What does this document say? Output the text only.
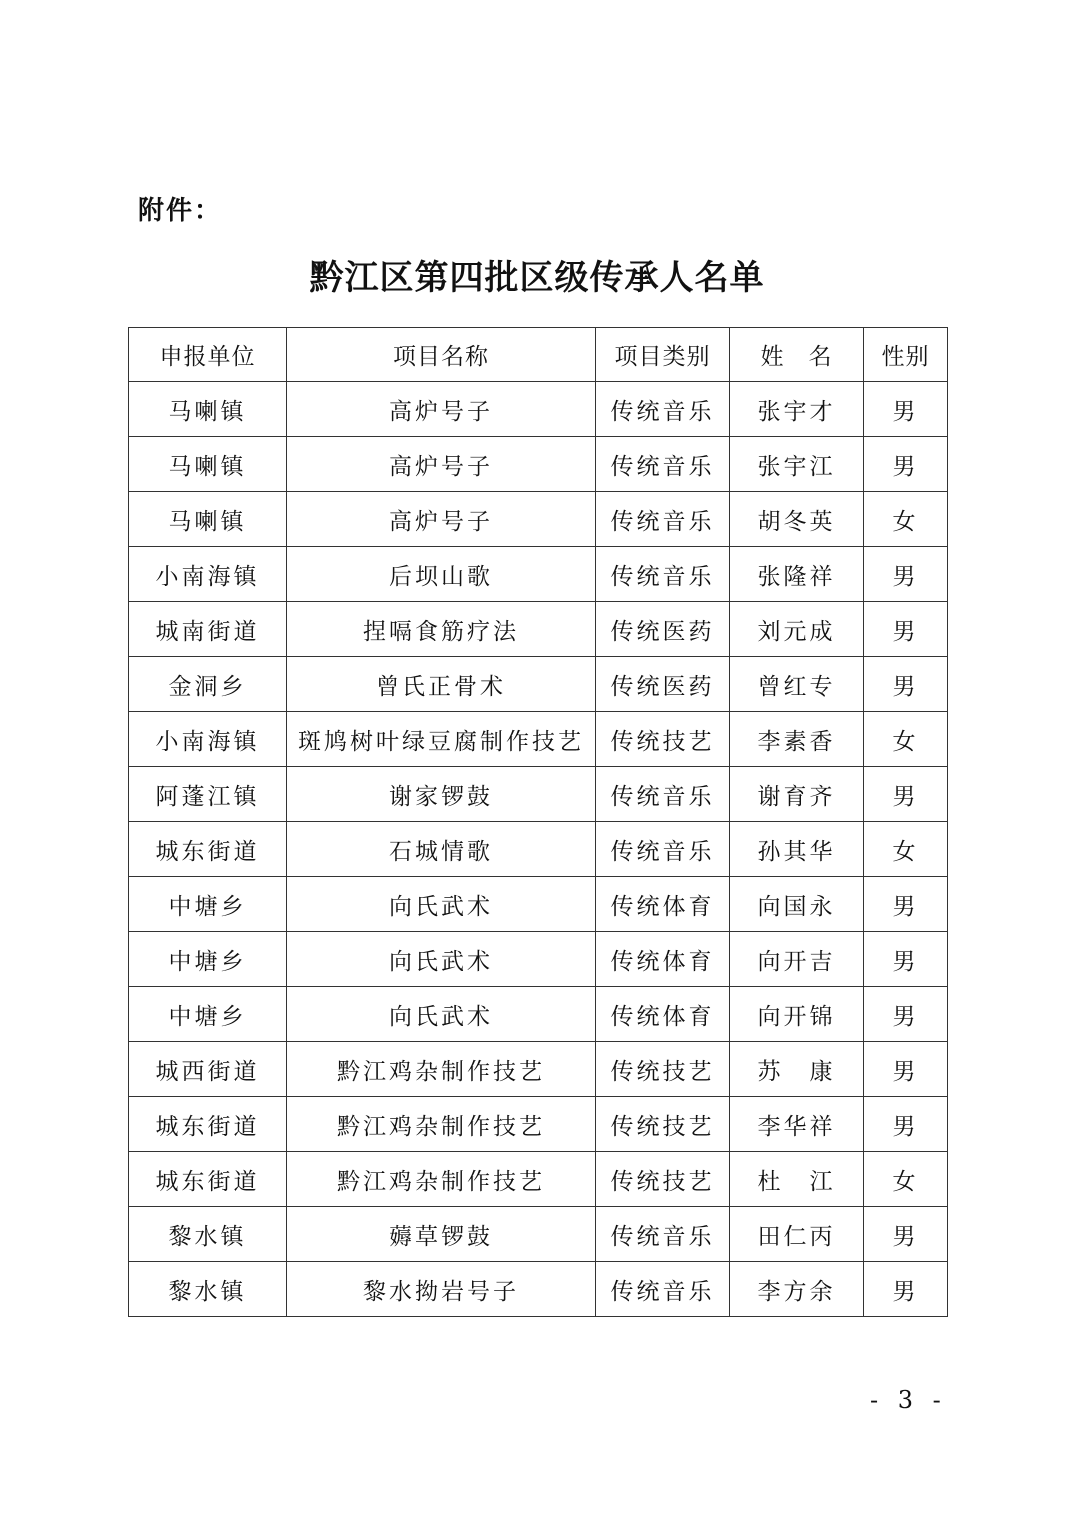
附件：
黔江区第四批区级传承人名单
申报单位	项目名称	项目类别	姓　名	性别
马喇镇	高炉号子	传统音乐	张宇才	男
马喇镇	高炉号子	传统音乐	张宇江	男
马喇镇	高炉号子	传统音乐	胡冬英	女
小南海镇	后坝山歌	传统音乐	张隆祥	男
城南街道	捏嗝食筋疗法	传统医药	刘元成	男
金洞乡	曾氏正骨术	传统医药	曾红专	男
小南海镇	斑鸠树叶绿豆腐制作技艺	传统技艺	李素香	女
阿蓬江镇	谢家锣鼓	传统音乐	谢育齐	男
城东街道	石城情歌	传统音乐	孙其华	女
中塘乡	向氏武术	传统体育	向国永	男
中塘乡	向氏武术	传统体育	向开吉	男
中塘乡	向氏武术	传统体育	向开锦	男
城西街道	黔江鸡杂制作技艺	传统技艺	苏　康	男
城东街道	黔江鸡杂制作技艺	传统技艺	李华祥	男
城东街道	黔江鸡杂制作技艺	传统技艺	杜　江	女
黎水镇	薅草锣鼓	传统音乐	田仁丙	男
黎水镇	黎水拗岩号子	传统音乐	李方余	男
- 3 -
